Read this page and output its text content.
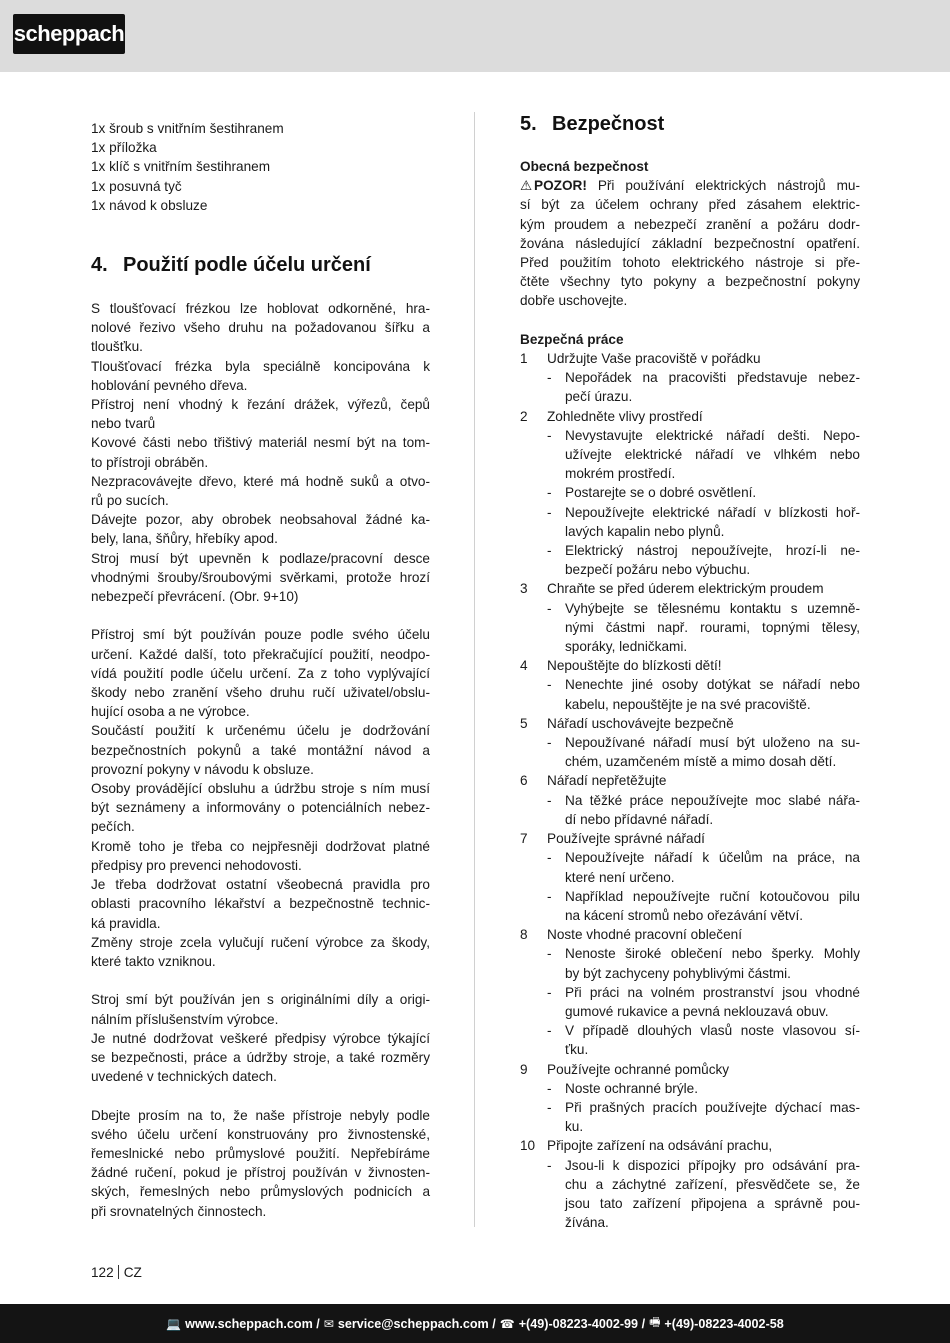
scheppach

1x šroub s vnitřním šestihranem

1x příložka

1x klíč s vnitřním šestihranem

1x posuvná tyč

1x návod k obsluze

4. Použití podle účelu určení

S tloušťovací frézkou lze hoblovat odkorněné, hra-

nolové řezivo všeho druhu na požadovanou šířku a

tloušťku.

Tloušťovací frézka byla speciálně koncipována k

hoblování pevného dřeva.

Přístroj není vhodný k řezání drážek, výřezů, čepů

nebo tvarů

Kovové části nebo třištivý materiál nesmí být na tom-

to přístroji obráběn.

Nezpracovávejte dřevo, které má hodně suků a otvo-

rů po sucích.

Dávejte pozor, aby obrobek neobsahoval žádné ka-

bely, lana, šňůry, hřebíky apod.

Stroj musí být upevněn k podlaze/pracovní desce

vhodnými šrouby/šroubovými svěrkami, protože hrozí

nebezpečí převrácení. (Obr. 9+10)

Přístroj smí být používán pouze podle svého účelu

určení. Každé další, toto překračující použití, neodpo-

vídá použití podle účelu určení. Za z toho vyplývající

škody nebo zranění všeho druhu ručí uživatel/obslu-

hující osoba a ne výrobce.

Součástí použití k určenému účelu je dodržování

bezpečnostních pokynů a také montážní návod a

provozní pokyny v návodu k obsluze.

Osoby provádějící obsluhu a údržbu stroje s ním musí

být seznámeny a informovány o potenciálních nebez-

pečích.

Kromě toho je třeba co nejpřesněji dodržovat platné

předpisy pro prevenci nehodovosti.

Je třeba dodržovat ostatní všeobecná pravidla pro

oblasti pracovního lékařství a bezpečnostně technic-

ká pravidla.

Změny stroje zcela vylučují ručení výrobce za škody,

které takto vzniknou.

Stroj smí být používán jen s originálními díly a origi-

nálním příslušenstvím výrobce.

Je nutné dodržovat veškeré předpisy výrobce týkající

se bezpečnosti, práce a údržby stroje, a také rozměry

uvedené v technických datech.

Dbejte prosím na to, že naše přístroje nebyly podle

svého účelu určení konstruovány pro živnostenské,

řemeslnické nebo průmyslové použití. Nepřebíráme

žádné ručení, pokud je přístroj používán v živnosten-

ských, řemeslných nebo průmyslových podnicích a

při srovnatelných činnostech.

5. Bezpečnost

Obecná bezpečnost

⚠ POZOR! Při používání elektrických nástrojů mu-

sí být za účelem ochrany před zásahem elektric-

kým proudem a nebezpečí zranění a požáru dodr-

žována následující základní bezpečnostní opatření.

Před použitím tohoto elektrického nástroje si pře-

čtěte všechny tyto pokyny a bezpečnostní pokyny

dobře uschovejte.

Bezpečná práce

1	Udržujte Vaše pracoviště v pořádku
- Nepořádek na pracovišti představuje nebez-

pečí úrazu.

2	Zohledněte vlivy prostředí
- Nevystavujte elektrické nářadí dešti. Nepo-

užívejte elektrické nářadí ve vlhkém nebo

mokrém prostředí.

- Postarejte se o dobré osvětlení.

- Nepoužívejte elektrické nářadí v blízkosti hoř-

lavých kapalin nebo plynů.

- Elektrický nástroj nepoužívejte, hrozí-li ne-

bezpečí požáru nebo výbuchu.

3	Chraňte se před úderem elektrickým proudem
- Vyhýbejte se tělesnému kontaktu s uzemně-

nými částmi např. rourami, topnými tělesy,

sporáky, ledničkami.

4	Nepouštějte do blízkosti dětí!
- Nenechte jiné osoby dotýkat se nářadí nebo

kabelu, nepouštějte je na své pracoviště.

5	Nářadí uschovávejte bezpečně
- Nepoužívané nářadí musí být uloženo na su-

chém, uzamčeném místě a mimo dosah dětí.

6	Nářadí nepřetěžujte
- Na těžké práce nepoužívejte moc slabé nářa-

dí nebo přídavné nářadí.

7	Používejte správné nářadí
- Nepoužívejte nářadí k účelům na práce, na

které není určeno.

- Například nepoužívejte ruční kotoučovou pilu

na kácení stromů nebo ořezávání větví.

8	Noste vhodné pracovní oblečení
- Nenoste široké oblečení nebo šperky. Mohly

by být zachyceny pohyblivými částmi.

- Při práci na volném prostranství jsou vhodné

gumové rukavice a pevná neklouzavá obuv.

- V případě dlouhých vlasů noste vlasovou sí-

ťku.

9	Používejte ochranné pomůcky
- Noste ochranné brýle.

- Při prašných pracích používejte dýchací mas-

ku.

10 Připojte zařízení na odsávání prachu,
- Jsou-li k dispozici přípojky pro odsávání pra-

chu a záchytné zařízení, přesvědčete se, že

jsou tato zařízení připojena a správně pou-

žívána.

122 CZ
💻 www.scheppach.com / ✉ service@scheppach.com / ☎ +(49)-08223-4002-99 / 🖷 +(49)-08223-4002-58
